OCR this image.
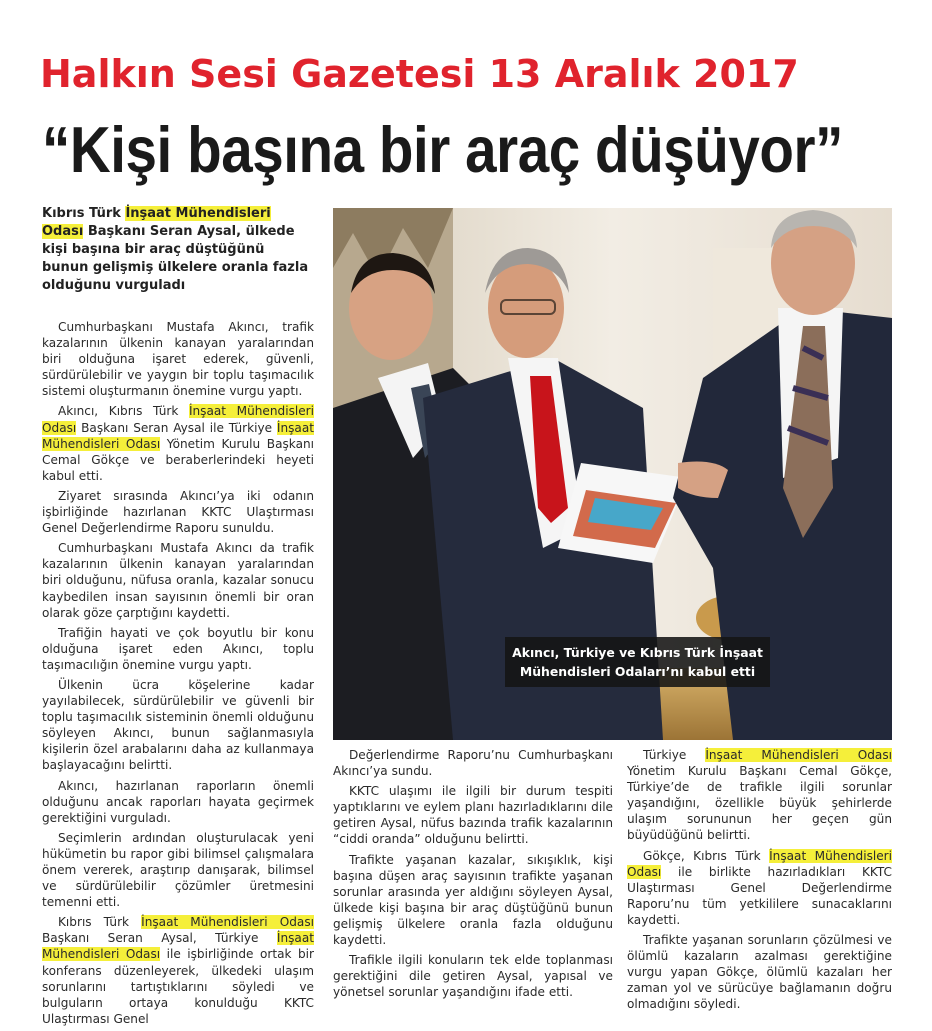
Halkın Sesi Gazetesi 13 Aralık 2017
“Kişi başına bir araç düşüyor”
Kıbrıs Türk İnşaat Mühendisleri Odası Başkanı Seran Aysal, ülkede kişi başına bir araç düştüğünü bunun gelişmiş ülkelere oranla fazla olduğunu vurguladı

Cumhurbaşkanı Mustafa Akıncı, trafik kazalarının ülkenin kanayan yaralarından biri olduğuna işaret ederek, güvenli, sürdürülebilir ve yaygın bir toplu taşımacılık sistemi oluşturmanın önemine vurgu yaptı.

Akıncı, Kıbrıs Türk İnşaat Mühendisleri Odası Başkanı Seran Aysal ile Türkiye İnşaat Mühendisleri Odası Yönetim Kurulu Başkanı Cemal Gökçe ve beraberlerindeki heyeti kabul etti.

Ziyaret sırasında Akıncı’ya iki odanın işbirliğinde hazırlanan KKTC Ulaştırması Genel Değerlendirme Raporu sunuldu.

Cumhurbaşkanı Mustafa Akıncı da trafik kazalarının ülkenin kanayan yaralarından biri olduğunu, nüfusa oranla, kazalar sonucu kaybedilen insan sayısının önemli bir oran olarak göze çarptığını kaydetti.

Trafiğin hayati ve çok boyutlu bir konu olduğuna işaret eden Akıncı, toplu taşımacılığın önemine vurgu yaptı.

Ülkenin ücra köşelerine kadar yayılabilecek, sürdürülebilir ve güvenli bir toplu taşımacılık sisteminin önemli olduğunu söyleyen Akıncı, bunun sağlanmasıyla kişilerin özel arabalarını daha az kullanmaya başlayacağını belirtti.

Akıncı, hazırlanan raporların önemli olduğunu ancak raporları hayata geçirmek gerektiğini vurguladı.

Seçimlerin ardından oluşturulacak yeni hükümetin bu rapor gibi bilimsel çalışmalara önem vererek, araştırıp danışarak, bilimsel ve sürdürülebilir çözümler üretmesini temenni etti.

Kıbrıs Türk İnşaat Mühendisleri Odası Başkanı Seran Aysal, Türkiye İnşaat Mühendisleri Odası ile işbirliğinde ortak bir konferans düzenleyerek, ülkedeki ulaşım sorunlarını tartıştıklarını söyledi ve bulguların ortaya konulduğu KKTC Ulaştırması Genel

Akıncı, Türkiye ve Kıbrıs Türk İnşaat
Mühendisleri Odaları’nı kabul etti

Değerlendirme Raporu’nu Cumhurbaşkanı Akıncı’ya sundu.

KKTC ulaşımı ile ilgili bir durum tespiti yaptıklarını ve eylem planı hazırladıklarını dile getiren Aysal, nüfus bazında trafik kazalarının “ciddi oranda” olduğunu belirtti.

Trafikte yaşanan kazalar, sıkışıklık, kişi başına düşen araç sayısının trafikte yaşanan sorunlar arasında yer aldığını söyleyen Aysal, ülkede kişi başına bir araç düştüğünü bunun gelişmiş ülkelere oranla fazla olduğunu kaydetti.

Trafikle ilgili konuların tek elde toplanması gerektiğini dile getiren Aysal, yapısal ve yönetsel sorunlar yaşandığını ifade etti.

Türkiye İnşaat Mühendisleri Odası Yönetim Kurulu Başkanı Cemal Gökçe, Türkiye’de de trafikle ilgili sorunlar yaşandığını, özellikle büyük şehirlerde ulaşım sorununun her geçen gün büyüdüğünü belirtti.

Gökçe, Kıbrıs Türk İnşaat Mühendisleri Odası ile birlikte hazırladıkları KKTC Ulaştırması Genel Değerlendirme Raporu’nu tüm yetkililere sunacaklarını kaydetti.

Trafikte yaşanan sorunların çözülmesi ve ölümlü kazaların azalması gerektiğine vurgu yapan Gökçe, ölümlü kazaları her zaman yol ve sürücüye bağlamanın doğru olmadığını söyledi.
